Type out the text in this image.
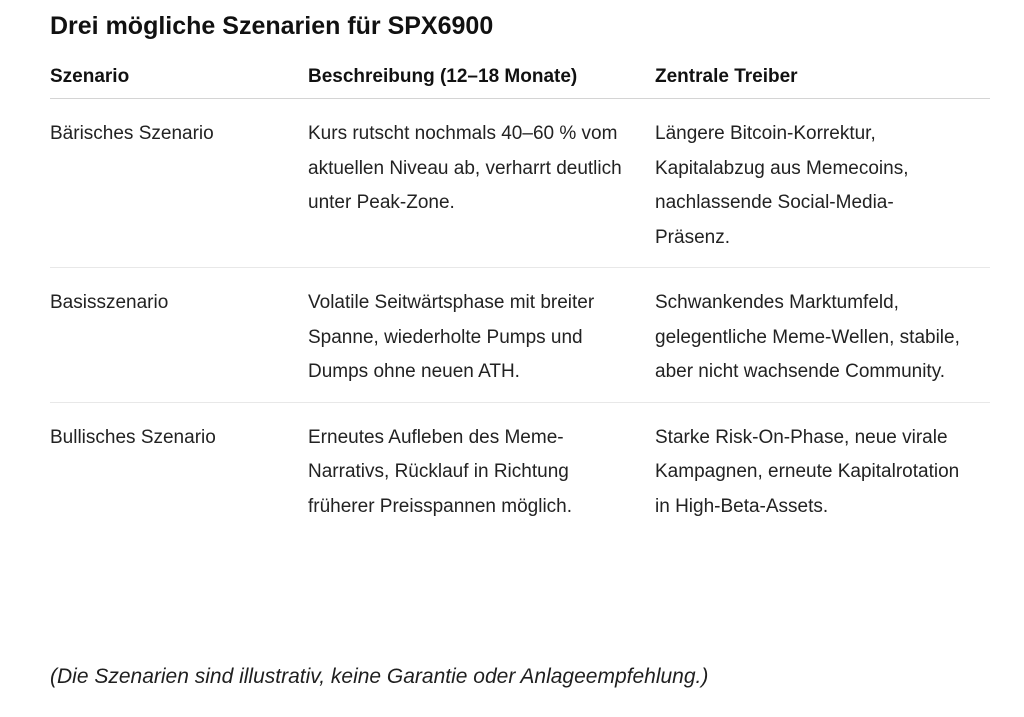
Drei mögliche Szenarien für SPX6900
Szenario	Beschreibung (12–18 Monate)	Zentrale Treiber
Bärisches Szenario	Kurs rutscht nochmals 40–60 % vom aktuellen Niveau ab, verharrt deutlich unter Peak-Zone.	Längere Bitcoin-Korrektur, Kapitalabzug aus Memecoins, nachlassende Social-Media-Präsenz.
Basisszenario	Volatile Seitwärtsphase mit breiter Spanne, wiederholte Pumps und Dumps ohne neuen ATH.	Schwankendes Marktumfeld, gelegentliche Meme-Wellen, stabile, aber nicht wachsende Community.
Bullisches Szenario	Erneutes Aufleben des Meme-Narrativs, Rücklauf in Richtung früherer Preisspannen möglich.	Starke Risk-On-Phase, neue virale Kampagnen, erneute Kapitalrotation in High-Beta-Assets.

(Die Szenarien sind illustrativ, keine Garantie oder Anlageempfehlung.)
